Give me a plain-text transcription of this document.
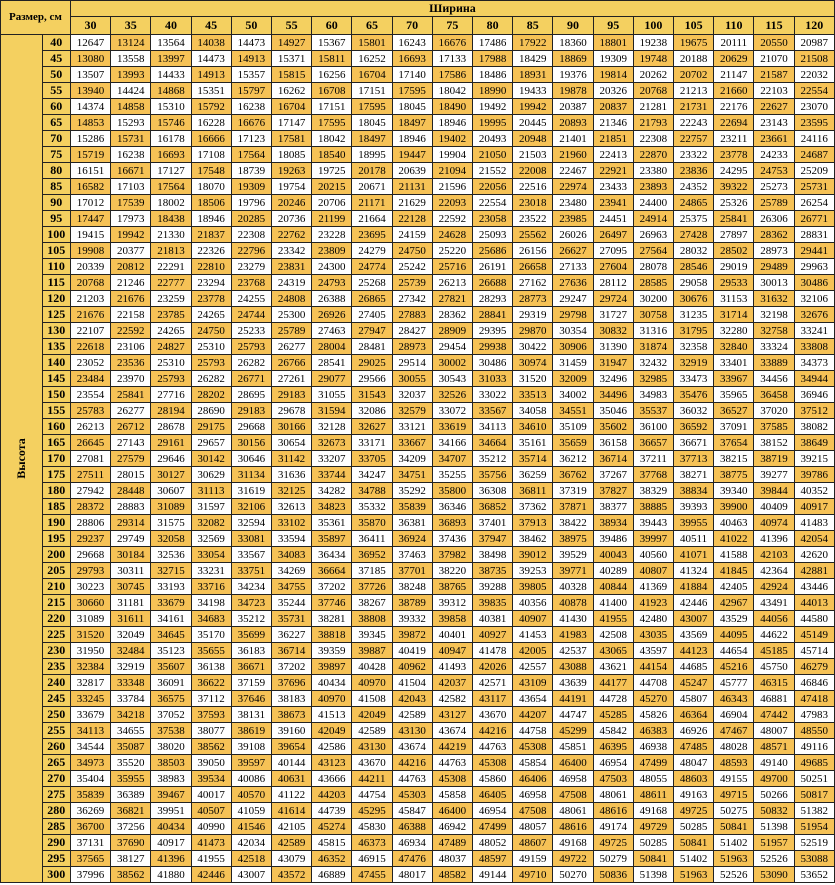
Размер, см		Ширина																		
		30	35	40	45	50	55	60	65	70	75	80	85	90	95	100	105	110	115	120
Высота	40	12647	13124	13564	14038	14473	14927	15367	15801	16243	16676	17486	17922	18360	18801	19238	19675	20111	20550	20987
	45	13080	13558	13997	14473	14913	15371	15811	16252	16693	17133	17988	18429	18869	19309	19748	20188	20629	21070	21508
	50	13507	13993	14433	14913	15357	15815	16256	16704	17140	17586	18486	18931	19376	19814	20262	20702	21147	21587	22032
	55	13940	14424	14868	15351	15797	16262	16708	17151	17595	18042	18990	19433	19878	20326	20768	21213	21660	22103	22554
	60	14374	14858	15310	15792	16238	16704	17151	17595	18045	18490	19492	19942	20387	20837	21281	21731	22176	22627	23070
	65	14853	15293	15746	16228	16676	17147	17595	18045	18497	18946	19995	20445	20893	21346	21793	22243	22694	23143	23595
	70	15286	15731	16178	16666	17123	17581	18042	18497	18946	19402	20493	20948	21401	21851	22308	22757	23211	23661	24116
	75	15719	16238	16693	17108	17564	18085	18540	18995	19447	19904	21050	21503	21960	22413	22870	23322	23778	24233	24687
	80	16151	16671	17127	17548	18739	19263	19725	20178	20639	21094	21552	22008	22467	22921	23380	23836	24295	24753	25209
	85	16582	17103	17564	18070	19309	19754	20215	20671	21131	21596	22056	22516	22974	23433	23893	24352	39322	25273	25731
	90	17012	17539	18002	18506	19796	20246	20706	21171	21629	22093	22554	23018	23480	23941	24400	24865	25326	25789	26254
	95	17447	17973	18438	18946	20285	20736	21199	21664	22128	22592	23058	23522	23985	24451	24914	25375	25841	26306	26771
	100	19415	19942	21330	21837	22308	22762	23228	23695	24159	24628	25093	25562	26026	26497	26963	27428	27897	28362	28831
	105	19908	20377	21813	22326	22796	23342	23809	24279	24750	25220	25686	26156	26627	27095	27564	28032	28502	28973	29441
	110	20339	20812	22291	22810	23279	23831	24300	24774	25242	25716	26191	26658	27133	27604	28078	28546	29019	29489	29963
	115	20768	21246	22777	23294	23768	24319	24793	25268	25739	26213	26688	27162	27636	28112	28585	29058	29533	30013	30486
	120	21203	21676	23259	23778	24255	24808	26388	26865	27342	27821	28293	28773	29247	29724	30200	30676	31153	31632	32106
	125	21676	22158	23785	24265	24744	25300	26926	27405	27883	28362	28841	29319	29798	31727	30758	31235	31714	32198	32676
	130	22107	22592	24265	24750	25233	25789	27463	27947	28427	28909	29395	29870	30354	30832	31316	31795	32280	32758	33241
	135	22618	23106	24827	25310	25793	26277	28004	28481	28973	29454	29938	30422	30906	31390	31874	32358	32840	33324	33808
	140	23052	23536	25310	25793	26282	26766	28541	29025	29514	30002	30486	30974	31459	31947	32432	32919	33401	33889	34373
	145	23484	23970	25793	26282	26771	27261	29077	29566	30055	30543	31033	31520	32009	32496	32985	33473	33967	34456	34944
	150	23554	25841	27716	28202	28695	29183	31055	31543	32037	32526	33022	33513	34002	34496	34983	35476	35965	36458	36946
	155	25783	26277	28194	28690	29183	29678	31594	32086	32579	33072	33567	34058	34551	35046	35537	36032	36527	37020	37512
	160	26213	26712	28678	29175	29668	30166	32128	32627	33121	33619	34113	34610	35109	35602	36100	36592	37091	37585	38082
	165	26645	27143	29161	29657	30156	30654	32673	33171	33667	34166	34664	35161	35659	36158	36657	36671	37654	38152	38649
	170	27081	27579	29646	30142	30646	31142	33207	33705	34209	34707	35212	35714	36212	36714	37211	37713	38215	38719	39215
	175	27511	28015	30127	30629	31134	31636	33744	34247	34751	35255	35756	36259	36762	37267	37768	38271	38775	39277	39786
	180	27942	28448	30607	31113	31619	32125	34282	34788	35292	35800	36308	36811	37319	37827	38329	38834	39340	39844	40352
	185	28372	28883	31089	31597	32106	32613	34823	35332	35839	36346	36852	37362	37871	38377	38885	39393	39900	40409	40917
	190	28806	29314	31575	32082	32594	33102	35361	35870	36381	36893	37401	37913	38422	38934	39443	39955	40463	40974	41483
	195	29237	29749	32058	32569	33081	33594	35897	36411	36924	37436	37947	38462	38975	39486	39997	40511	41022	41396	42054
	200	29668	30184	32536	33054	33567	34083	36434	36952	37463	37982	38498	39012	39529	40043	40560	41071	41588	42103	42620
	205	29793	30311	32715	33231	33751	34269	36664	37185	37701	38220	38735	39253	39771	40289	40807	41324	41845	42364	42881
	210	30223	30745	33193	33716	34234	34755	37202	37726	38248	38765	39288	39805	40328	40844	41369	41884	42405	42924	43446
	215	30660	31181	33679	34198	34723	35244	37746	38267	38789	39312	39835	40356	40878	41400	41923	42446	42967	43491	44013
	220	31089	31611	34161	34683	35212	35731	38281	38808	39332	39858	40381	40907	41430	41955	42480	43007	43529	44056	44580
	225	31520	32049	34645	35170	35699	36227	38818	39345	39872	40401	40927	41453	41983	42508	43035	43569	44095	44622	45149
	230	31950	32484	35123	35655	36183	36714	39359	39887	40419	40947	41478	42005	42537	43065	43597	44123	44654	45185	45714
	235	32384	32919	35607	36138	36671	37202	39897	40428	40962	41493	42026	42557	43088	43621	44154	44685	45216	45750	46279
	240	32817	33348	36091	36622	37159	37696	40434	40970	41504	42037	42571	43109	43639	44177	44708	45247	45777	46315	46846
	245	33245	33784	36575	37112	37646	38183	40970	41508	42043	42582	43117	43654	44191	44728	45270	45807	46343	46881	47418
	250	33679	34218	37052	37593	38131	38673	41513	42049	42589	43127	43670	44207	44747	45285	45826	46364	46904	47442	47983
	255	34113	34655	37538	38077	38619	39160	42049	42589	43130	43674	44216	44758	45299	45842	46383	46926	47467	48007	48550
	260	34544	35087	38020	38562	39108	39654	42586	43130	43674	44219	44763	45308	45851	46395	46938	47485	48028	48571	49116
	265	34973	35520	38503	39050	39597	40144	43123	43670	44216	44763	45308	45854	46400	46954	47499	48047	48593	49140	49685
	270	35404	35955	38983	39534	40086	40631	43666	44211	44763	45308	45860	46406	46958	47503	48055	48603	49155	49700	50251
	275	35839	36389	39467	40017	40570	41122	44203	44754	45303	45858	46405	46958	47508	48061	48611	49163	49715	50266	50817
	280	36269	36821	39951	40507	41059	41614	44739	45295	45847	46400	46954	47508	48061	48616	49168	49725	50275	50832	51382
	285	36700	37256	40434	40990	41546	42105	45274	45830	46388	46942	47499	48057	48616	49174	49729	50285	50841	51398	51954
	290	37131	37690	40917	41473	42034	42589	45815	46373	46934	47489	48052	48607	49168	49725	50285	50841	51402	51957	52519
	295	37565	38127	41396	41955	42518	43079	46352	46915	47476	48037	48597	49159	49722	50279	50841	51402	51963	52526	53088
	300	37996	38562	41880	42446	43007	43572	46889	47455	48017	48582	49144	49710	50270	50836	51398	51963	52526	53090	53652
